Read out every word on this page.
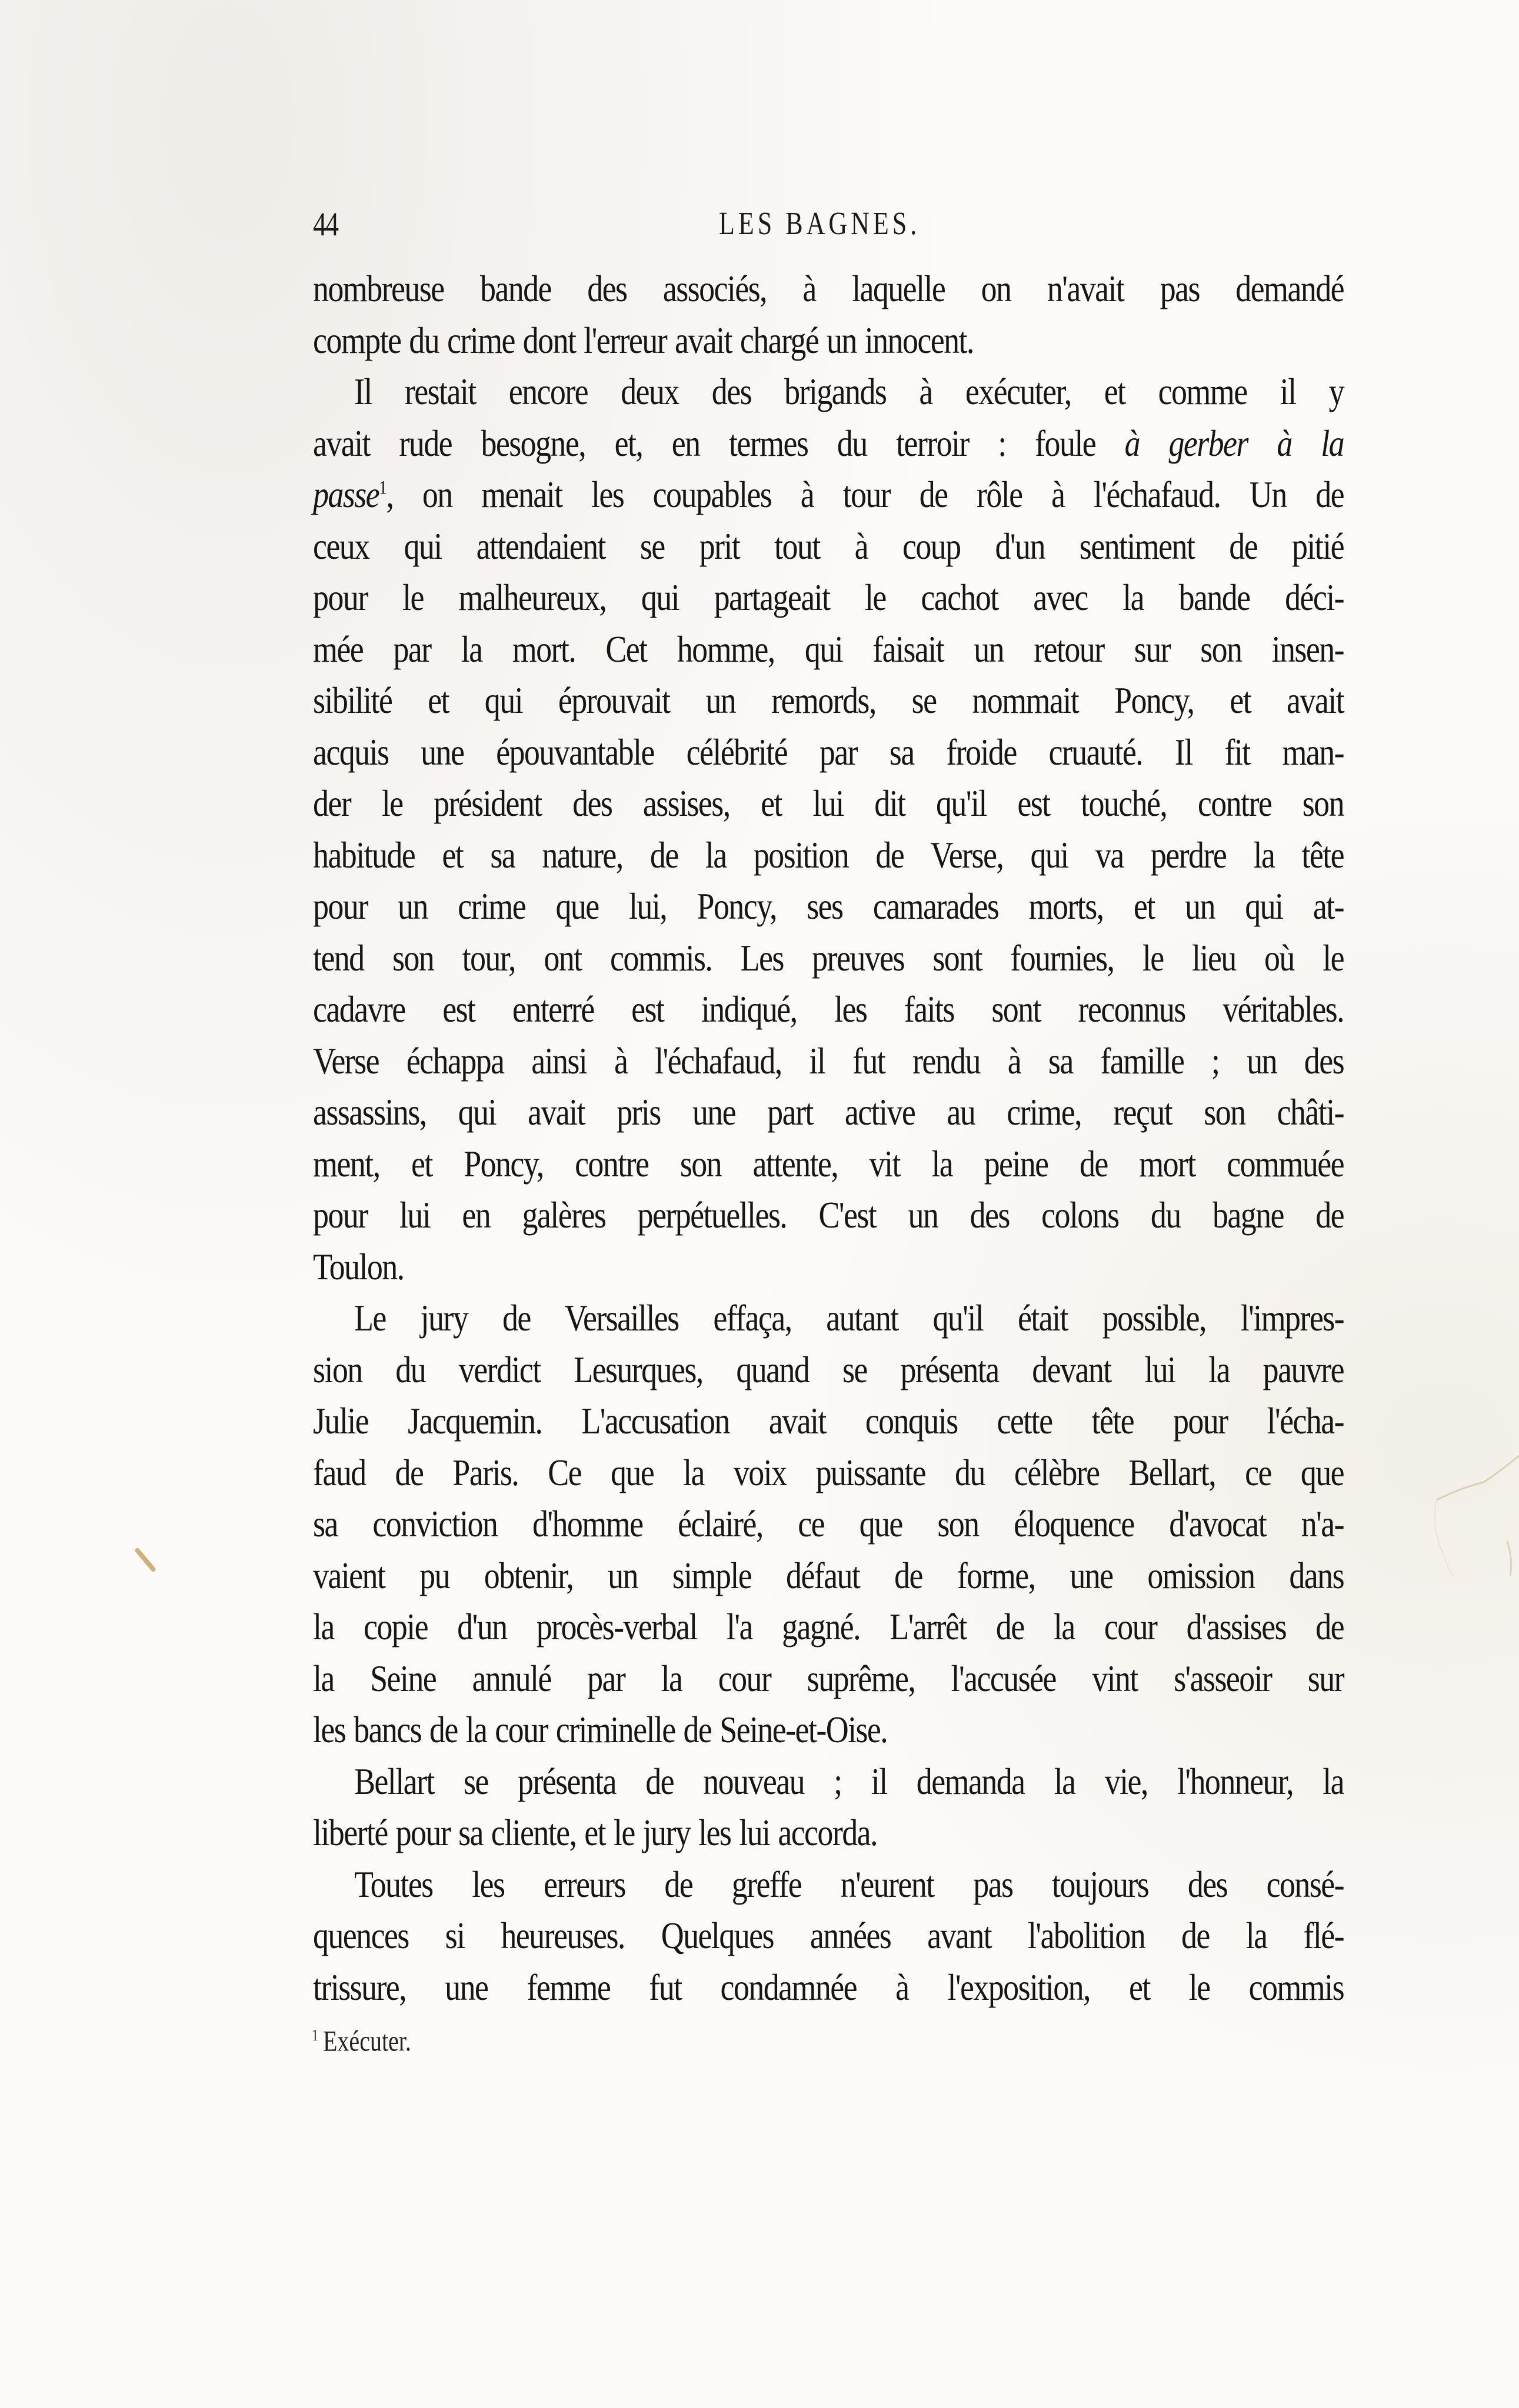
44	LES BAGNES.
nombreuse bande des associés, à laquelle on n'avait pas demandé
compte du crime dont l'erreur avait chargé un innocent.
Il restait encore deux des brigands à exécuter, et comme il y
avait rude besogne, et, en termes du terroir : foule à gerber à la
passe$^1$, on menait les coupables à tour de rôle à l'échafaud. Un de
ceux qui attendaient se prit tout à coup d'un sentiment de pitié
pour le malheureux, qui partageait le cachot avec la bande déci-
mée par la mort. Cet homme, qui faisait un retour sur son insen-
sibilité et qui éprouvait un remords, se nommait Poncy, et avait
acquis une épouvantable célébrité par sa froide cruauté. Il fit man-
der le président des assises, et lui dit qu'il est touché, contre son
habitude et sa nature, de la position de Verse, qui va perdre la tête
pour un crime que lui, Poncy, ses camarades morts, et un qui at-
tend son tour, ont commis. Les preuves sont fournies, le lieu où le
cadavre est enterré est indiqué, les faits sont reconnus véritables.
Verse échappa ainsi à l'échafaud, il fut rendu à sa famille ; un des
assassins, qui avait pris une part active au crime, reçut son châti-
ment, et Poncy, contre son attente, vit la peine de mort commuée
pour lui en galères perpétuelles. C'est un des colons du bagne de
Toulon.
Le jury de Versailles effaça, autant qu'il était possible, l'impres-
sion du verdict Lesurques, quand se présenta devant lui la pauvre
Julie Jacquemin. L'accusation avait conquis cette tête pour l'écha-
faud de Paris. Ce que la voix puissante du célèbre Bellart, ce que
sa conviction d'homme éclairé, ce que son éloquence d'avocat n'a-
vaient pu obtenir, un simple défaut de forme, une omission dans
la copie d'un procès-verbal l'a gagné. L'arrêt de la cour d'assises de
la Seine annulé par la cour suprême, l'accusée vint s'asseoir sur
les bancs de la cour criminelle de Seine-et-Oise.
Bellart se présenta de nouveau ; il demanda la vie, l'honneur, la
liberté pour sa cliente, et le jury les lui accorda.
Toutes les erreurs de greffe n'eurent pas toujours des consé-
quences si heureuses. Quelques années avant l'abolition de la flé-
trissure, une femme fut condamnée à l'exposition, et le commis
$^1$ Exécuter.
